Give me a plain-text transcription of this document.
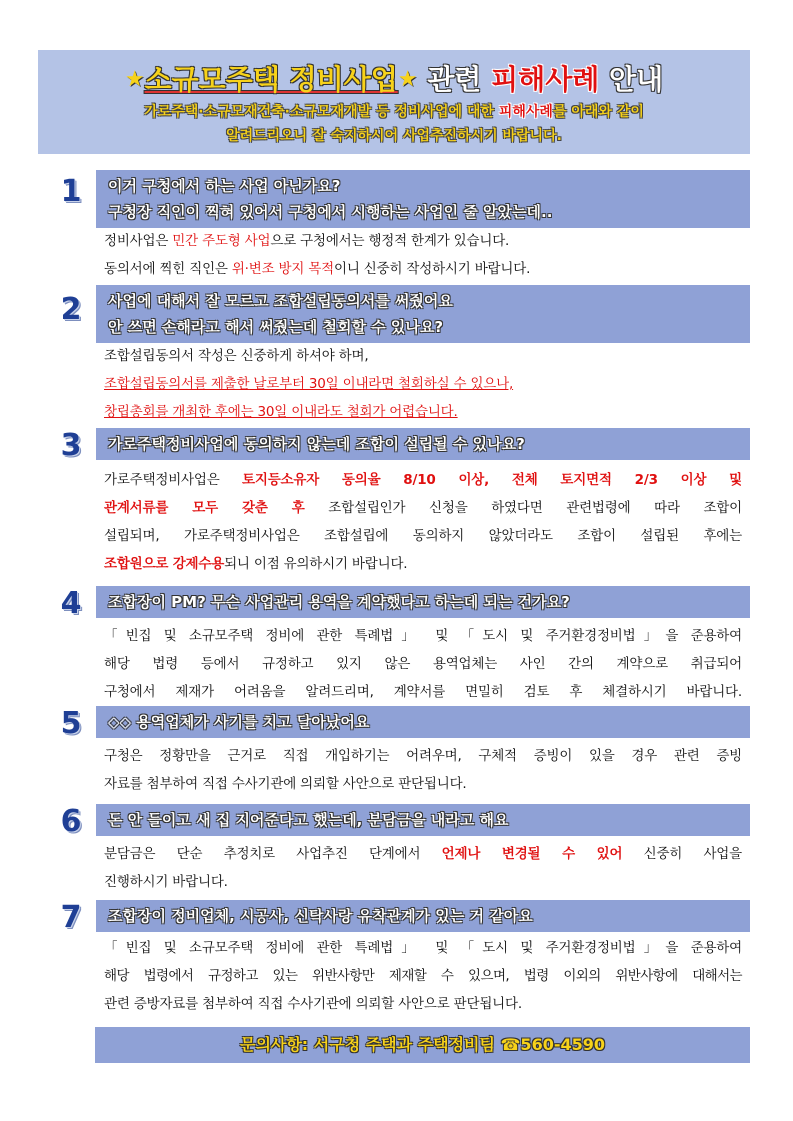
★소규모주택 정비사업★ 관련 피해사례 안내
가로주택·소규모재건축·소규모재개발 등 정비사업에 대한 피해사례를 아래와 같이
알려드리오니 잘 숙지하시어 사업추진하시기 바랍니다.
1	이거 구청에서 하는 사업 아닌가요?
구청장 직인이 찍혀 있어서 구청에서 시행하는 사업인 줄 알았는데..

정비사업은 민간 주도형 사업으로 구청에서는 행정적 한계가 있습니다.

동의서에 찍힌 직인은 위·변조 방지 목적이니 신중히 작성하시기 바랍니다.

2	사업에 대해서 잘 모르고 조합설립동의서를 써줬어요
안 쓰면 손해라고 해서 써줬는데 철회할 수 있나요?

조합설립동의서 작성은 신중하게 하셔야 하며,

조합설립동의서를 제출한 날로부터 30일 이내라면 철회하실 수 있으나,

창립총회를 개최한 후에는 30일 이내라도 철회가 어렵습니다.

3	가로주택정비사업에 동의하지 않는데 조합이 설립될 수 있나요?

가로주택정비사업은 토지등소유자 동의율 8/10 이상, 전체 토지면적 2/3 이상 및

관계서류를 모두 갖춘 후 조합설립인가 신청을 하였다면 관련법령에 따라 조합이

설립되며, 가로주택정비사업은 조합설립에 동의하지 않았더라도 조합이 설립된 후에는

조합원으로 강제수용되니 이점 유의하시기 바랍니다.

4	조합장이 PM? 무슨 사업관리 용역을 계약했다고 하는데 되는 건가요?

「빈집 및 소규모주택 정비에 관한 특례법」 및 「도시 및 주거환경정비법」을 준용하여

해당 법령 등에서 규정하고 있지 않은 용역업체는 사인 간의 계약으로 취급되어

구청에서 제재가 어려움을 알려드리며, 계약서를 면밀히 검토 후 체결하시기 바랍니다.

5	◇◇ 용역업체가 사기를 치고 달아났어요

구청은 정황만을 근거로 직접 개입하기는 어려우며, 구체적 증빙이 있을 경우 관련 증빙

자료를 첨부하여 직접 수사기관에 의뢰할 사안으로 판단됩니다.

6	돈 안 들이고 새 집 지어준다고 했는데, 분담금을 내라고 해요

분담금은 단순 추정치로 사업추진 단계에서 언제나 변경될 수 있어 신중히 사업을

진행하시기 바랍니다.

7	조합장이 정비업체, 시공사, 신탁사랑 유착관계가 있는 거 같아요

「빈집 및 소규모주택 정비에 관한 특례법」 및 「도시 및 주거환경정비법」을 준용하여

해당 법령에서 규정하고 있는 위반사항만 제재할 수 있으며, 법령 이외의 위반사항에 대해서는

관련 증방자료를 첨부하여 직접 수사기관에 의뢰할 사안으로 판단됩니다.

문의사항: 서구청 주택과 주택정비팀 ☎560-4590
